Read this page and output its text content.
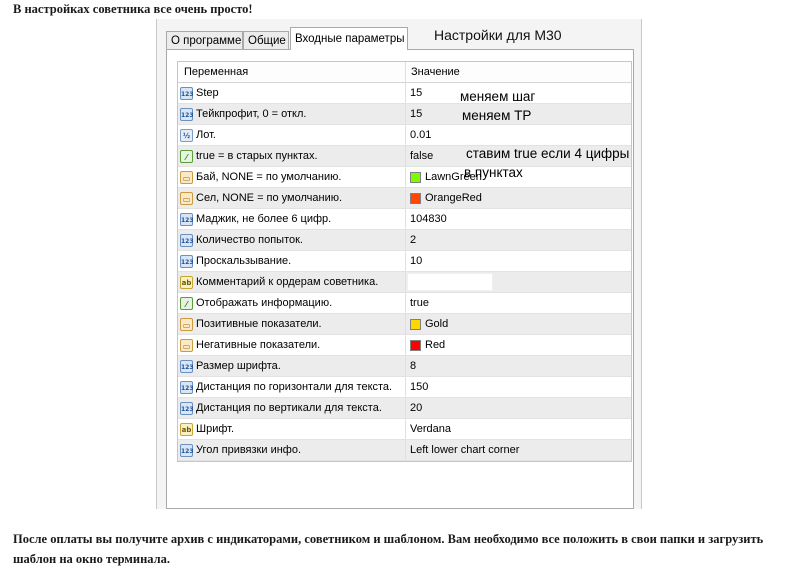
В настройках советника все очень просто!
О программе Общие Входные параметры Настройки для М30
Переменная	Значение
123 Step	15
123 Тейкпрофит, 0 = откл.	15
½ Лот.	0.01
⁄ true = в старых пунктах.	false
▭ Бай, NONE = по умолчанию.	LawnGreen
▭ Сел, NONE = по умолчанию.	OrangeRed
123 Маджик, не более 6 цифр.	104830
123 Количество попыток.	2
123 Проскальзывание.	10
ab Комментарий к ордерам советника.
⁄ Отображать информацию.	true
▭ Позитивные показатели.	Gold
▭ Негативные показатели.	Red
123 Размер шрифта.	8
123 Дистанция по горизонтали для текста. 150
123 Дистанция по вертикали для текста.	20
ab Шрифт.	Verdana
123 Угол привязки инфо.	Left lower chart corner
меняем шаг
меняем TP
ставим true если 4 цифры
в пунктах
После оплаты вы получите архив с индикаторами, советником и шаблоном. Вам необходимо все положить в свои папки и загрузить шаблон на окно терминала.
